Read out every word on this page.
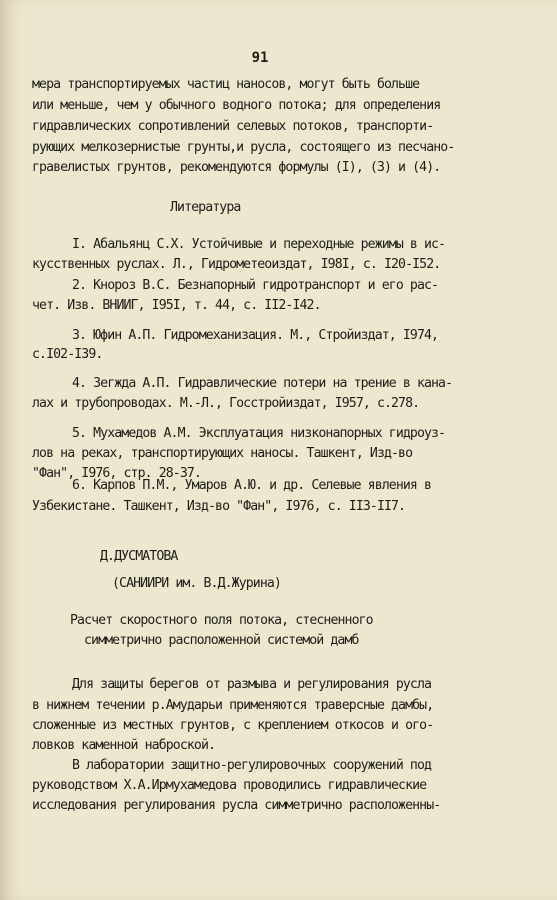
91
мера транспортируемых частиц наносов, могут быть больше
или меньше, чем у обычного водного потока; для определения
гидравлических сопротивлений селевых потоков, транспорти-
рующих мелкозернистые грунты,и русла, состоящего из песчано-
гравелистых грунтов, рекомендуются формулы (I), (3) и (4).
Литература
I. Абальянц С.Х. Устойчивые и переходные режимы в ис-
кусственных руслах. Л., Гидрометеоиздат, I98I, с. I20-I52.
2. Кнороз В.С. Безнапорный гидротранспорт и его рас-
чет. Изв. ВНИИГ, I95I, т. 44, с. II2-I42.
3. Юфин А.П. Гидромеханизация. М., Стройиздат, I974,
с.I02-I39.
4. Зегжда А.П. Гидравлические потери на трение в кана-
лах и трубопроводах. М.-Л., Госстройиздат, I957, с.278.
5. Мухамедов А.М. Эксплуатация низконапорных гидроуз-
лов на реках, транспортирующих наносы. Ташкент, Изд-во
"Фан", I976, стр. 28-37.
6. Карпов П.М., Умаров А.Ю. и др. Селевые явления в
Узбекистане. Ташкент, Изд-во "Фан", I976, с. II3-II7.
Д.ДУСМАТОВА
(САНИИРИ им. В.Д.Журина)
Расчет скоростного поля потока, стесненного
симметрично расположенной системой дамб
Для защиты берегов от размыва и регулирования русла
в нижнем течении р.Амударьи применяются траверсные дамбы,
сложенные из местных грунтов, с креплением откосов и ого-
ловков каменной наброской.
В лаборатории защитно-регулировочных сооружений под
руководством Х.А.Ирмухамедова проводились гидравлические
исследования регулирования русла симметрично расположенны-
